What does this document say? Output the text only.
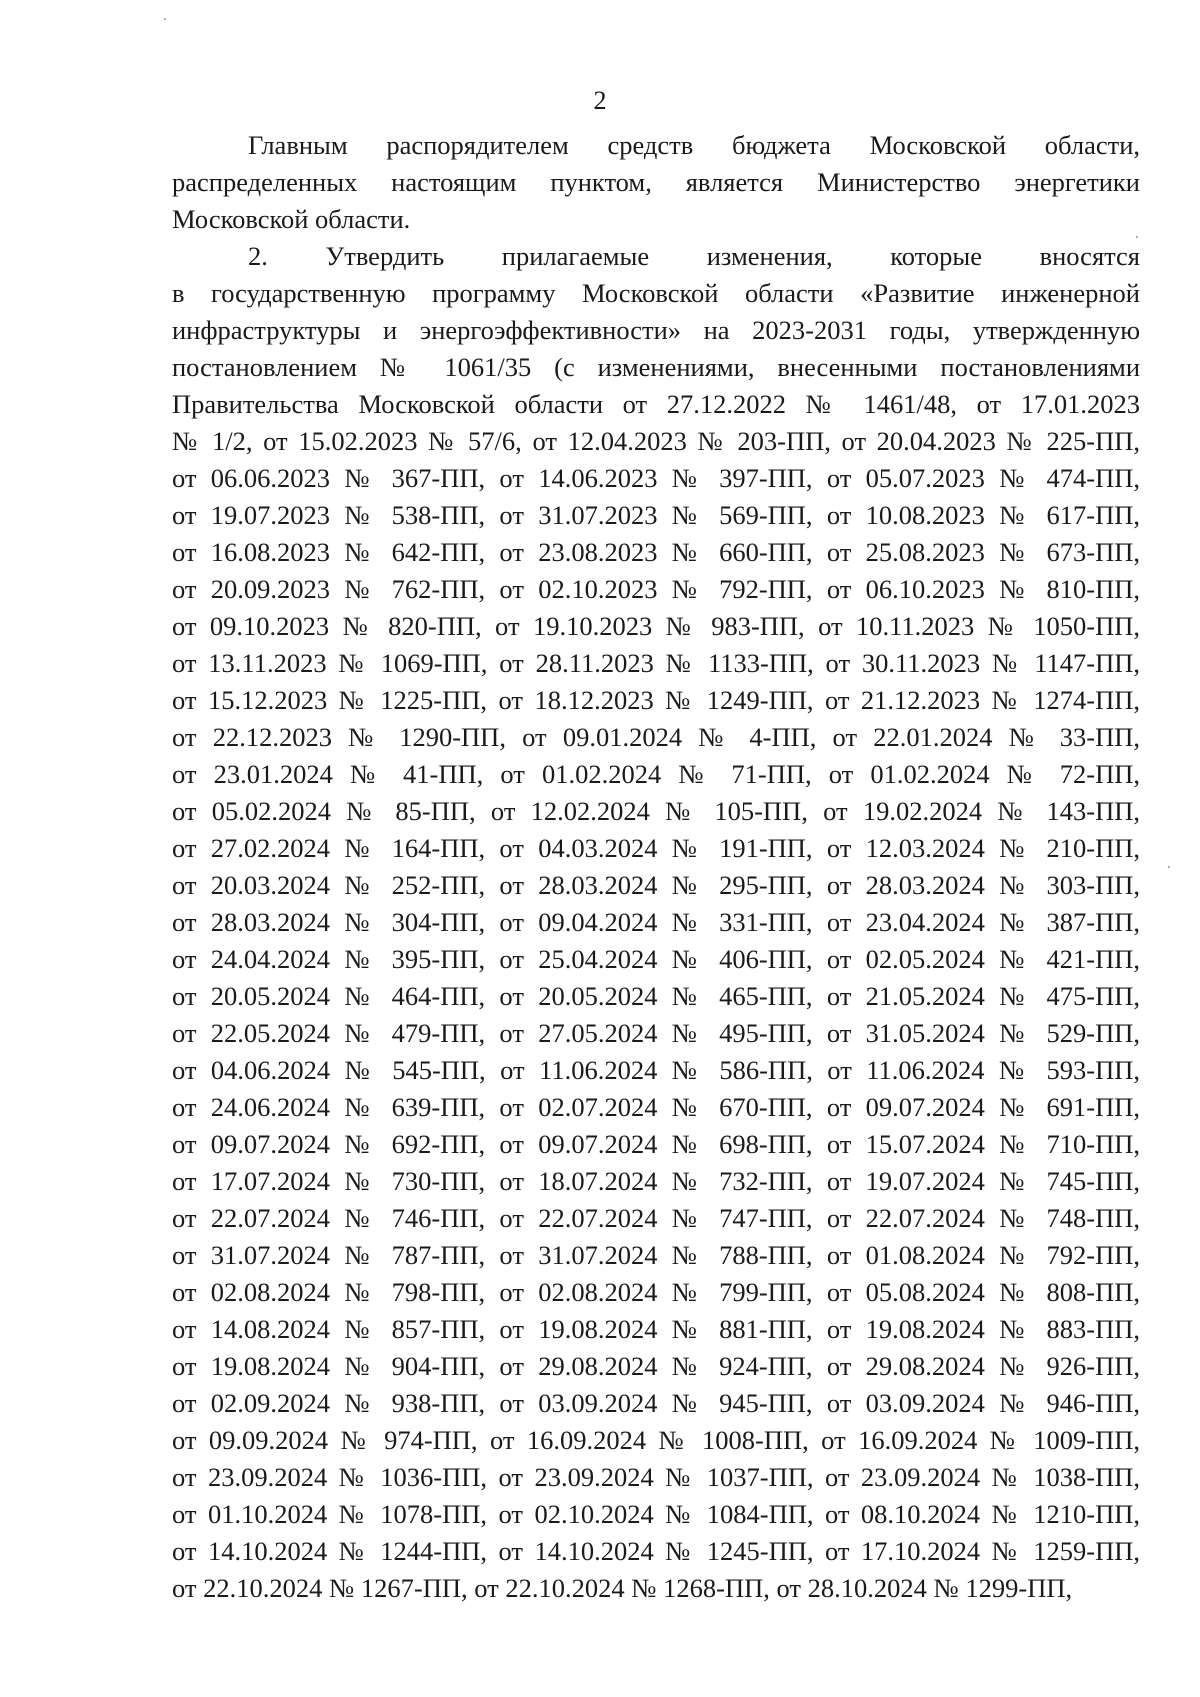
2
Главным распорядителем средств бюджета Московской области,
распределенных настоящим пунктом, является Министерство энергетики
Московской области.
2. Утвердить прилагаемые изменения, которые вносятся
в государственную программу Московской области «Развитие инженерной
инфраструктуры и энергоэффективности» на 2023-2031 годы, утвержденную
постановлением № 1061/35 (с изменениями, внесенными постановлениями
Правительства Московской области от 27.12.2022 № 1461/48, от 17.01.2023
№ 1/2, от 15.02.2023 № 57/6, от 12.04.2023 № 203-ПП, от 20.04.2023 № 225-ПП,
от 06.06.2023 № 367-ПП, от 14.06.2023 № 397-ПП, от 05.07.2023 № 474-ПП,
от 19.07.2023 № 538-ПП, от 31.07.2023 № 569-ПП, от 10.08.2023 № 617-ПП,
от 16.08.2023 № 642-ПП, от 23.08.2023 № 660-ПП, от 25.08.2023 № 673-ПП,
от 20.09.2023 № 762-ПП, от 02.10.2023 № 792-ПП, от 06.10.2023 № 810-ПП,
от 09.10.2023 № 820-ПП, от 19.10.2023 № 983-ПП, от 10.11.2023 № 1050-ПП,
от 13.11.2023 № 1069-ПП, от 28.11.2023 № 1133-ПП, от 30.11.2023 № 1147-ПП,
от 15.12.2023 № 1225-ПП, от 18.12.2023 № 1249-ПП, от 21.12.2023 № 1274-ПП,
от 22.12.2023 № 1290-ПП, от 09.01.2024 № 4-ПП, от 22.01.2024 № 33-ПП,
от 23.01.2024 № 41-ПП, от 01.02.2024 № 71-ПП, от 01.02.2024 № 72-ПП,
от 05.02.2024 № 85-ПП, от 12.02.2024 № 105-ПП, от 19.02.2024 № 143-ПП,
от 27.02.2024 № 164-ПП, от 04.03.2024 № 191-ПП, от 12.03.2024 № 210-ПП,
от 20.03.2024 № 252-ПП, от 28.03.2024 № 295-ПП, от 28.03.2024 № 303-ПП,
от 28.03.2024 № 304-ПП, от 09.04.2024 № 331-ПП, от 23.04.2024 № 387-ПП,
от 24.04.2024 № 395-ПП, от 25.04.2024 № 406-ПП, от 02.05.2024 № 421-ПП,
от 20.05.2024 № 464-ПП, от 20.05.2024 № 465-ПП, от 21.05.2024 № 475-ПП,
от 22.05.2024 № 479-ПП, от 27.05.2024 № 495-ПП, от 31.05.2024 № 529-ПП,
от 04.06.2024 № 545-ПП, от 11.06.2024 № 586-ПП, от 11.06.2024 № 593-ПП,
от 24.06.2024 № 639-ПП, от 02.07.2024 № 670-ПП, от 09.07.2024 № 691-ПП,
от 09.07.2024 № 692-ПП, от 09.07.2024 № 698-ПП, от 15.07.2024 № 710-ПП,
от 17.07.2024 № 730-ПП, от 18.07.2024 № 732-ПП, от 19.07.2024 № 745-ПП,
от 22.07.2024 № 746-ПП, от 22.07.2024 № 747-ПП, от 22.07.2024 № 748-ПП,
от 31.07.2024 № 787-ПП, от 31.07.2024 № 788-ПП, от 01.08.2024 № 792-ПП,
от 02.08.2024 № 798-ПП, от 02.08.2024 № 799-ПП, от 05.08.2024 № 808-ПП,
от 14.08.2024 № 857-ПП, от 19.08.2024 № 881-ПП, от 19.08.2024 № 883-ПП,
от 19.08.2024 № 904-ПП, от 29.08.2024 № 924-ПП, от 29.08.2024 № 926-ПП,
от 02.09.2024 № 938-ПП, от 03.09.2024 № 945-ПП, от 03.09.2024 № 946-ПП,
от 09.09.2024 № 974-ПП, от 16.09.2024 № 1008-ПП, от 16.09.2024 № 1009-ПП,
от 23.09.2024 № 1036-ПП, от 23.09.2024 № 1037-ПП, от 23.09.2024 № 1038-ПП,
от 01.10.2024 № 1078-ПП, от 02.10.2024 № 1084-ПП, от 08.10.2024 № 1210-ПП,
от 14.10.2024 № 1244-ПП, от 14.10.2024 № 1245-ПП, от 17.10.2024 № 1259-ПП,
от 22.10.2024 № 1267-ПП, от 22.10.2024 № 1268-ПП, от 28.10.2024 № 1299-ПП,
